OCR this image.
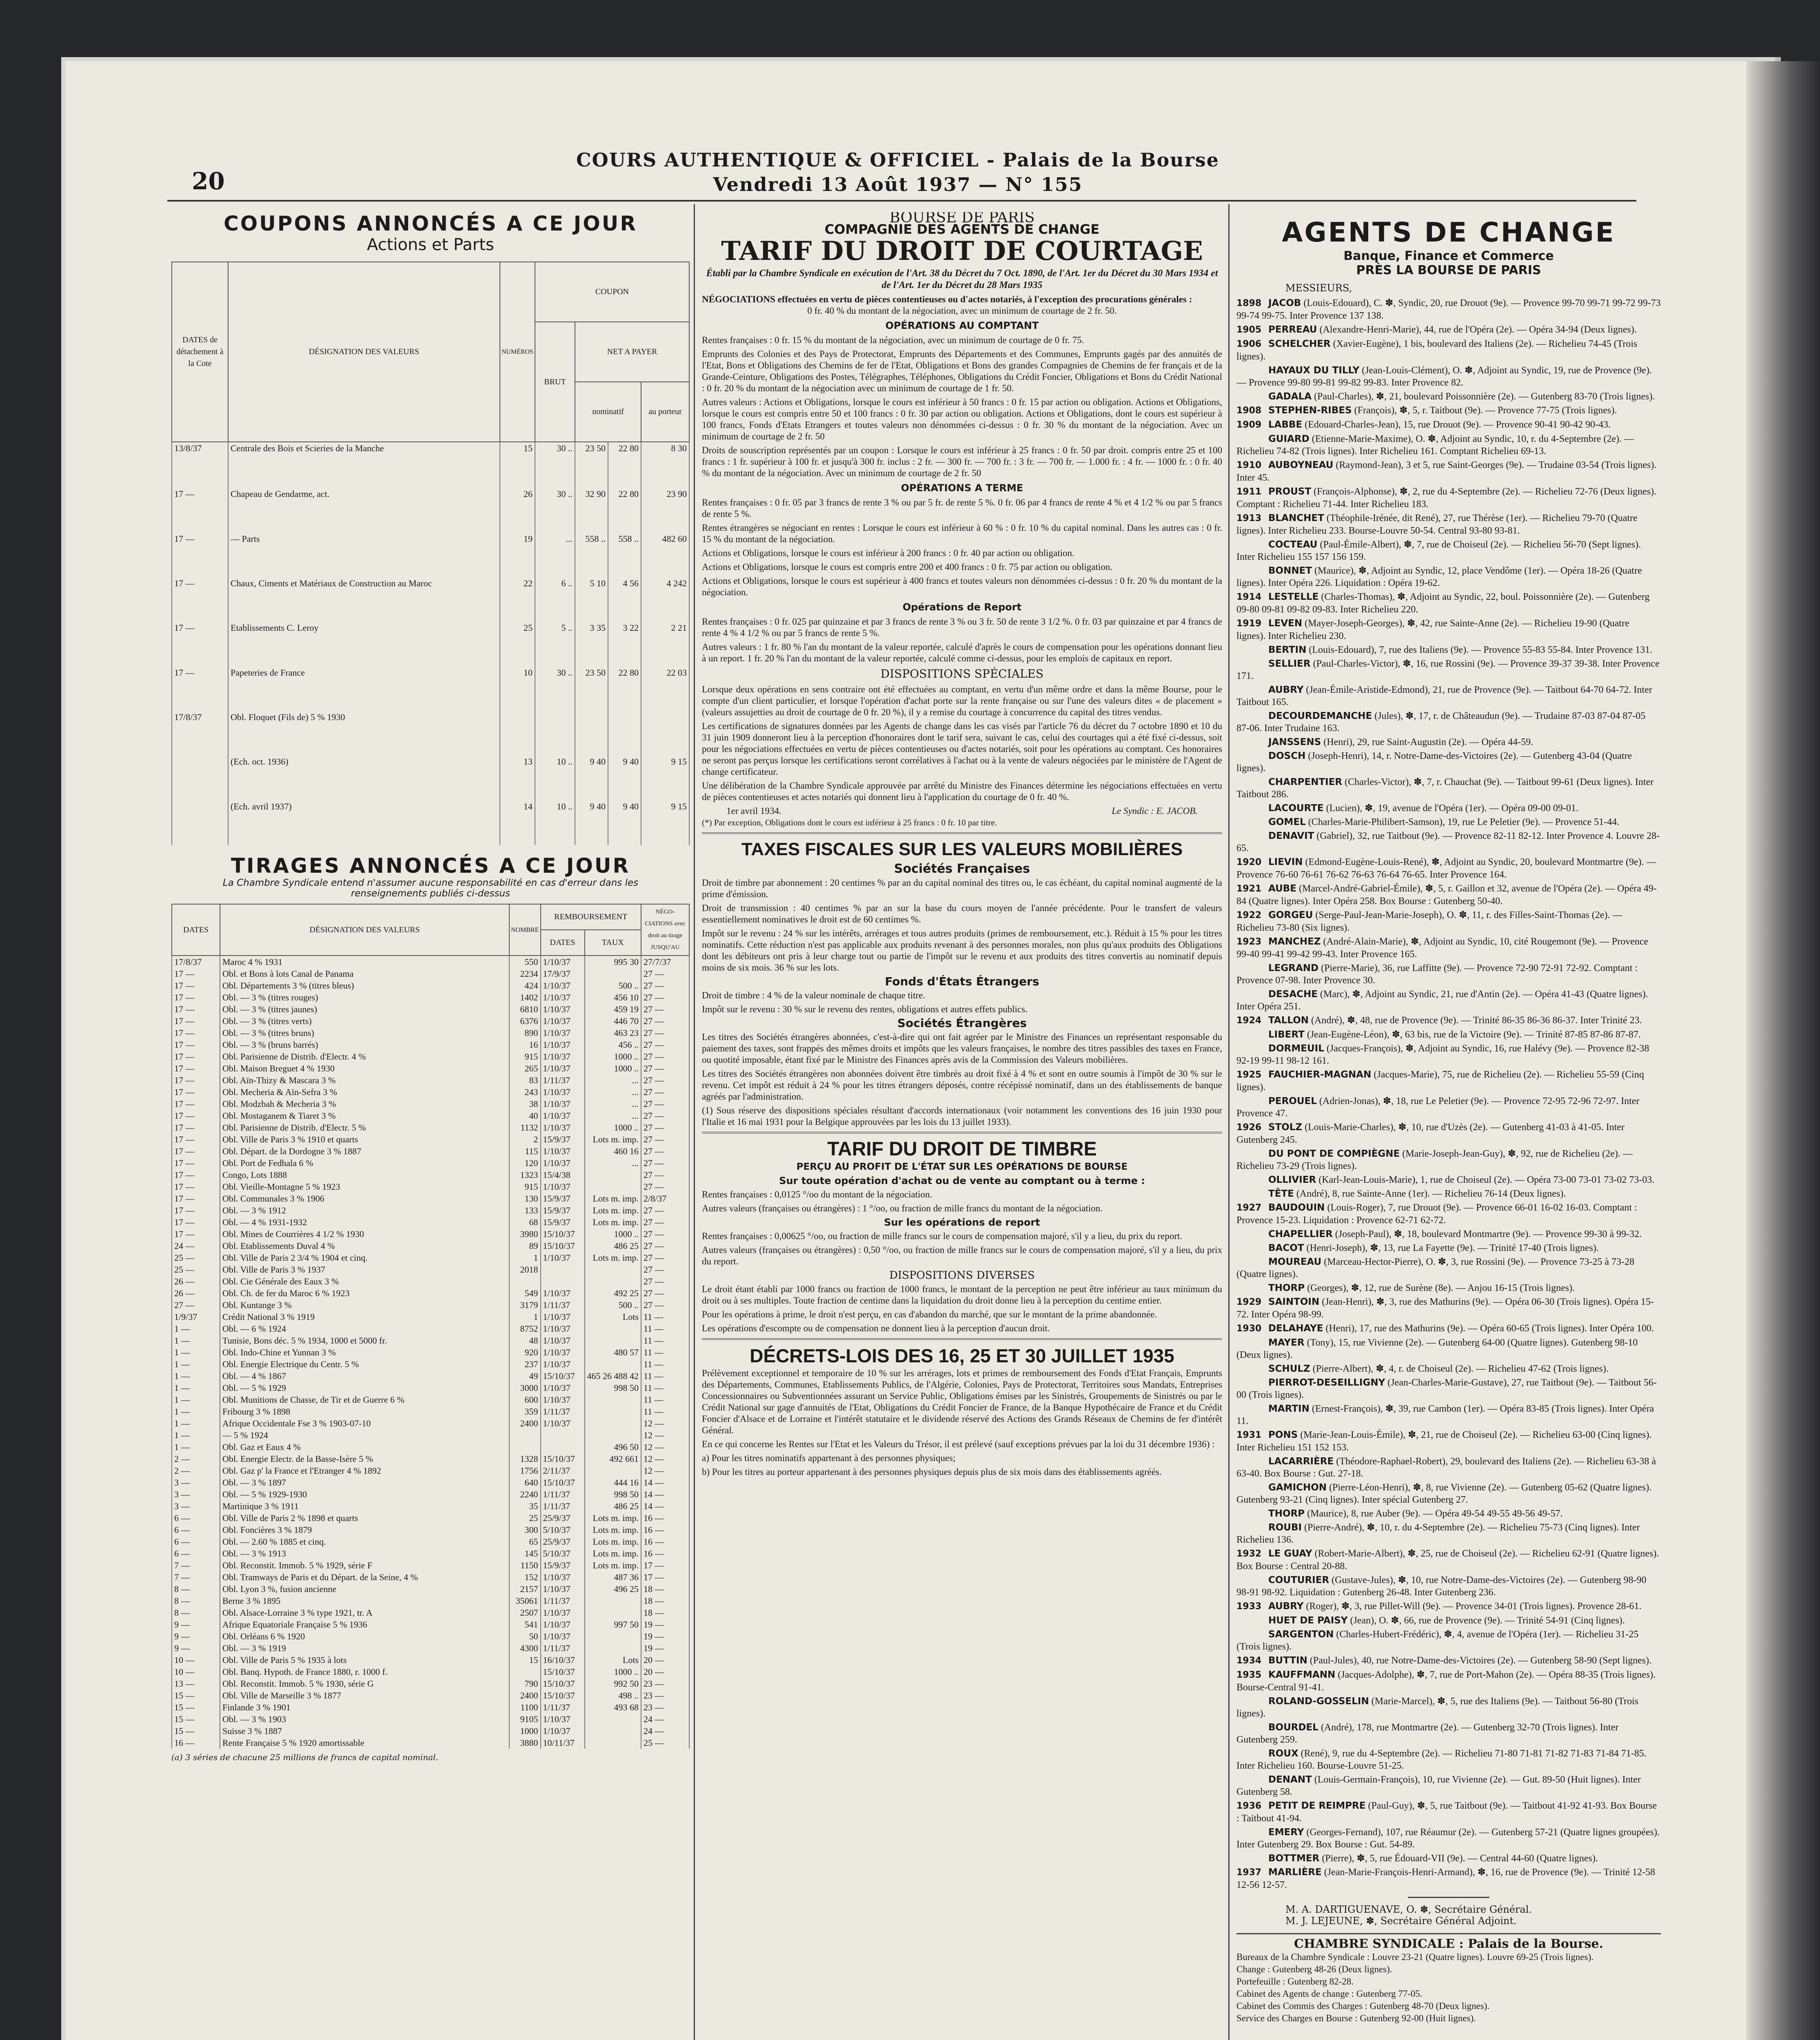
20
COURS AUTHENTIQUE & OFFICIEL - Palais de la Bourse
Vendredi 13 Août 1937 — N° 155
COUPONS ANNONCÉS A CE JOUR
Actions et Parts
DATES de détachement à la Cote	DÉSIGNATION DES VALEURS	NUMÉROS	COUPON			
			BRUT	NET A PAYER		
				nominatif		au porteur
13/8/37	Centrale des Bois et Scieries de la Manche	15	30 ..	23 50	22 80	8 30
17 —	Chapeau de Gendarme, act.	26	30 ..	32 90	22 80	23 90
17 —	— Parts	19	...	558 ..	558 ..	482 60
17 —	Chaux, Ciments et Matériaux de Construction au Maroc	22	6 ..	5 10	4 56	4 242
17 —	Etablissements C. Leroy	25	5 ..	3 35	3 22	2 21
17 —	Papeteries de France	10	30 ..	23 50	22 80	22 03
17/8/37	Obl. Floquet (Fils de) 5 % 1930					
	(Ech. oct. 1936)	13	10 ..	9 40	9 40	9 15
	(Ech. avril 1937)	14	10 ..	9 40	9 40	9 15

TIRAGES ANNONCÉS A CE JOUR
La Chambre Syndicale entend n'assumer aucune responsabilité en cas d'erreur dans les renseignements publiés ci-dessus
DATES	DÉSIGNATION DES VALEURS	NOMBRE	REMBOURSEMENT		NÉGO-CIATIONS avec droit au tirage JUSQU'AU
			DATES	TAUX	
17/8/37	Maroc 4 % 1931	550	1/10/37	995 30	27/7/37
17 —	Obl. et Bons à lots Canal de Panama	2234	17/9/37		27 —
17 —	Obl. Départements 3 % (titres bleus)	424	1/10/37	500 ..	27 —
17 —	Obl. — 3 % (titres rouges)	1402	1/10/37	456 10	27 —
17 —	Obl. — 3 % (titres jaunes)	6810	1/10/37	459 19	27 —
17 —	Obl. — 3 % (titres verts)	6376	1/10/37	446 70	27 —
17 —	Obl. — 3 % (titres bruns)	890	1/10/37	463 23	27 —
17 —	Obl. — 3 % (bruns barrés)	16	1/10/37	456 ..	27 —
17 —	Obl. Parisienne de Distrib. d'Electr. 4 %	915	1/10/37	1000 ..	27 —
17 —	Obl. Maison Breguet 4 % 1930	265	1/10/37	1000 ..	27 —
17 —	Obl. Aïn-Thizy & Mascara 3 %	83	1/11/37	...	27 —
17 —	Obl. Mecheria & Aïn-Sefra 3 %	243	1/10/37	...	27 —
17 —	Obl. Modzbah & Mecheria 3 %	38	1/10/37	...	27 —
17 —	Obl. Mostaganem & Tiaret 3 %	40	1/10/37	...	27 —
17 —	Obl. Parisienne de Distrib. d'Electr. 5 %	1132	1/10/37	1000 ..	27 —
17 —	Obl. Ville de Paris 3 % 1910 et quarts	2	15/9/37	Lots m. imp.	27 —
17 —	Obl. Départ. de la Dordogne 3 % 1887	115	1/10/37	460 16	27 —
17 —	Obl. Port de Fedhala 6 %	120	1/10/37	...	27 —
17 —	Congo, Lots 1888	1323	15/4/38		27 —
17 —	Obl. Vieille-Montagne 5 % 1923	915	1/10/37		27 —
17 —	Obl. Communales 3 % 1906	130	15/9/37	Lots m. imp.	2/8/37
17 —	Obl. — 3 % 1912	133	15/9/37	Lots m. imp.	27 —
17 —	Obl. — 4 % 1931-1932	68	15/9/37	Lots m. imp.	27 —
17 —	Obl. Mines de Courrières 4 1/2 % 1930	3980	15/10/37	1000 ..	27 —
24 —	Obl. Etablissements Duval 4 %	89	15/10/37	486 25	27 —
25 —	Obl. Ville de Paris 2 3/4 % 1904 et cinq.	1	1/10/37	Lots m. imp.	27 —
25 —	Obl. Ville de Paris 3 % 1937	2018			27 —
26 —	Obl. Cie Générale des Eaux 3 %				27 —
26 —	Obl. Ch. de fer du Maroc 6 % 1923	549	1/10/37	492 25	27 —
27 —	Obl. Kuntange 3 %	3179	1/11/37	500 ..	27 —
1/9/37	Crédit National 3 % 1919	1	1/10/37	Lots	11 —
1 —	Obl. — 6 % 1924	8752	1/10/37		11 —
1 —	Tunisie, Bons déc. 5 % 1934, 1000 et 5000 fr.	48	1/10/37		11 —
1 —	Obl. Indo-Chine et Yunnan 3 %	920	1/10/37	480 57	11 —
1 —	Obl. Energie Electrique du Centr. 5 %	237	1/10/37		11 —
1 —	Obl. — 4 % 1867	49	15/10/37	465 26 488 42	11 —
1 —	Obl. — 5 % 1929	3000	1/10/37	998 50	11 —
1 —	Obl. Munitions de Chasse, de Tir et de Guerre 6 %	600	1/10/37		11 —
1 —	Fribourg 3 % 1898	359	1/11/37		11 —
1 —	Afrique Occidentale Fse 3 % 1903-07-10	2400	1/10/37		12 —
1 —	— 5 % 1924				12 —
1 —	Obl. Gaz et Eaux 4 %			496 50	12 —
2 —	Obl. Energie Electr. de la Basse-Isère 5 %	1328	15/10/37	492 661	12 —
2 —	Obl. Gaz p' la France et l'Etranger 4 % 1892	1756	2/11/37		12 —
3 —	Obl. — 3 % 1897	640	15/10/37	444 16	14 —
3 —	Obl. — 5 % 1929-1930	2240	1/11/37	998 50	14 —
3 —	Martinique 3 % 1911	35	1/11/37	486 25	14 —
6 —	Obl. Ville de Paris 2 % 1898 et quarts	25	25/9/37	Lots m. imp.	16 —
6 —	Obl. Foncières 3 % 1879	300	5/10/37	Lots m. imp.	16 —
6 —	Obl. — 2.60 % 1885 et cinq.	65	25/9/37	Lots m. imp.	16 —
6 —	Obl. — 3 % 1913	145	5/10/37	Lots m. imp.	16 —
7 —	Obl. Reconstit. Immob. 5 % 1929, série F	1150	15/9/37	Lots m. imp.	17 —
7 —	Obl. Tramways de Paris et du Départ. de la Seine, 4 %	152	1/10/37	487 36	17 —
8 —	Obl. Lyon 3 %, fusion ancienne	2157	1/10/37	496 25	18 —
8 —	Berne 3 % 1895	35061	1/11/37		18 —
8 —	Obl. Alsace-Lorraine 3 % type 1921, tr. A	2507	1/10/37		18 —
9 —	Afrique Equatoriale Française 5 % 1936	541	1/10/37	997 50	19 —
9 —	Obl. Orléans 6 % 1920	50	1/10/37		19 —
9 —	Obl. — 3 % 1919	4300	1/11/37		19 —
10 —	Obl. Ville de Paris 5 % 1935 à lots	15	16/10/37	Lots	20 —
10 —	Obl. Banq. Hypoth. de France 1880, r. 1000 f.		15/10/37	1000 ..	20 —
13 —	Obl. Reconstit. Immob. 5 % 1930, série G	790	15/10/37	992 50	23 —
15 —	Obl. Ville de Marseille 3 % 1877	2400	15/10/37	498 ..	23 —
15 —	Finlande 3 % 1901	1100	1/11/37	493 68	23 —
15 —	Obl. — 3 % 1903	9105	1/10/37		24 —
15 —	Suisse 3 % 1887	1000	1/10/37		24 —
16 —	Rente Française 5 % 1920 amortissable	3880	10/11/37		25 —
(a) 3 séries de chacune 25 millions de francs de capital nominal.
BOURSE DE PARIS
COMPAGNIE DES AGENTS DE CHANGE
TARIF DU DROIT DE COURTAGE
Établi par la Chambre Syndicale en exécution de l'Art. 38 du Décret du 7 Oct. 1890, de l'Art. 1er du Décret du 30 Mars 1934 et de l'Art. 1er du Décret du 28 Mars 1935
NÉGOCIATIONS effectuées en vertu de pièces contentieuses ou d'actes notariés, à l'exception des procurations générales :
0 fr. 40 % du montant de la négociation, avec un minimum de courtage de 2 fr. 50.
OPÉRATIONS AU COMPTANT

Rentes françaises : 0 fr. 15 % du montant de la négociation, avec un minimum de courtage de 0 fr. 75.

Emprunts des Colonies et des Pays de Protectorat, Emprunts des Départements et des Communes, Emprunts gagés par des annuités de l'Etat, Bons et Obligations des Chemins de fer de l'Etat, Obligations et Bons des grandes Compagnies de Chemins de fer français et de la Grande-Ceinture, Obligations des Postes, Télégraphes, Téléphones, Obligations du Crédit Foncier, Obligations et Bons du Crédit National : 0 fr. 20 % du montant de la négociation avec un minimum de courtage de 1 fr. 50.

Autres valeurs : Actions et Obligations, lorsque le cours est inférieur à 50 francs : 0 fr. 15 par action ou obligation. Actions et Obligations, lorsque le cours est compris entre 50 et 100 francs : 0 fr. 30 par action ou obligation. Actions et Obligations, dont le cours est supérieur à 100 francs, Fonds d'Etats Etrangers et toutes valeurs non dénommées ci-dessus : 0 fr. 30 % du montant de la négociation. Avec un minimum de courtage de 2 fr. 50

Droits de souscription représentés par un coupon : Lorsque le cours est inférieur à 25 francs : 0 fr. 50 par droit. compris entre 25 et 100 francs : 1 fr. supérieur à 100 fr. et jusqu'à 300 fr. inclus : 2 fr. — 300 fr. — 700 fr. : 3 fr. — 700 fr. — 1.000 fr. : 4 fr. — 1000 fr. : 0 fr. 40 % du montant de la négociation. Avec un minimum de courtage de 2 fr. 50

OPÉRATIONS A TERME

Rentes françaises : 0 fr. 05 par 3 francs de rente 3 % ou par 5 fr. de rente 5 %. 0 fr. 06 par 4 francs de rente 4 % et 4 1/2 % ou par 5 francs de rente 5 %.

Rentes étrangères se négociant en rentes : Lorsque le cours est inférieur à 60 % : 0 fr. 10 % du capital nominal. Dans les autres cas : 0 fr. 15 % du montant de la négociation.

Actions et Obligations, lorsque le cours est inférieur à 200 francs : 0 fr. 40 par action ou obligation.

Actions et Obligations, lorsque le cours est compris entre 200 et 400 francs : 0 fr. 75 par action ou obligation.

Actions et Obligations, lorsque le cours est supérieur à 400 francs et toutes valeurs non dénommées ci-dessus : 0 fr. 20 % du montant de la négociation.

Opérations de Report

Rentes françaises : 0 fr. 025 par quinzaine et par 3 francs de rente 3 % ou 3 fr. 50 de rente 3 1/2 %. 0 fr. 03 par quinzaine et par 4 francs de rente 4 % 4 1/2 % ou par 5 francs de rente 5 %.

Autres valeurs : 1 fr. 80 % l'an du montant de la valeur reportée, calculé d'après le cours de compensation pour les opérations donnant lieu à un report. 1 fr. 20 % l'an du montant de la valeur reportée, calculé comme ci-dessus, pour les emplois de capitaux en report.

DISPOSITIONS SPÉCIALES

Lorsque deux opérations en sens contraire ont été effectuées au comptant, en vertu d'un même ordre et dans la même Bourse, pour le compte d'un client particulier, et lorsque l'opération d'achat porte sur la rente française ou sur l'une des valeurs dites « de placement » (valeurs assujetties au droit de courtage de 0 fr. 20 %), il y a remise du courtage à concurrence du capital des titres vendus.

Les certifications de signatures données par les Agents de change dans les cas visés par l'article 76 du décret du 7 octobre 1890 et 10 du 31 juin 1909 donneront lieu à la perception d'honoraires dont le tarif sera, suivant le cas, celui des courtages qui a été fixé ci-dessus, soit pour les négociations effectuées en vertu de pièces contentieuses ou d'actes notariés, soit pour les opérations au comptant. Ces honoraires ne seront pas perçus lorsque les certifications seront corrélatives à l'achat ou à la vente de valeurs négociées par le ministère de l'Agent de change certificateur.

Une délibération de la Chambre Syndicale approuvée par arrêté du Ministre des Finances détermine les négociations effectuées en vertu de pièces contentieuses et actes notariés qui donnent lieu à l'application du courtage de 0 fr. 40 %.

1er avril 1934.	Le Syndic : E. JACOB.
(*) Par exception, Obligations dont le cours est inférieur à 25 francs : 0 fr. 10 par titre.
TAXES FISCALES SUR LES VALEURS MOBILIÈRES
Sociétés Françaises

Droit de timbre par abonnement : 20 centimes % par an du capital nominal des titres ou, le cas échéant, du capital nominal augmenté de la prime d'émission.

Droit de transmission : 40 centimes % par an sur la base du cours moyen de l'année précédente. Pour le transfert de valeurs essentiellement nominatives le droit est de 60 centimes %.

Impôt sur le revenu : 24 % sur les intérêts, arrérages et tous autres produits (primes de remboursement, etc.). Réduit à 15 % pour les titres nominatifs. Cette réduction n'est pas applicable aux produits revenant à des personnes morales, non plus qu'aux produits des Obligations dont les débiteurs ont pris à leur charge tout ou partie de l'impôt sur le revenu et aux produits des titres convertis au nominatif depuis moins de six mois. 36 % sur les lots.

Fonds d'États Étrangers

Droit de timbre : 4 % de la valeur nominale de chaque titre.

Impôt sur le revenu : 30 % sur le revenu des rentes, obligations et autres effets publics.

Sociétés Étrangères

Les titres des Sociétés étrangères abonnées, c'est-à-dire qui ont fait agréer par le Ministre des Finances un représentant responsable du paiement des taxes, sont frappés des mêmes droits et impôts que les valeurs françaises, le nombre des titres passibles des taxes en France, ou quotité imposable, étant fixé par le Ministre des Finances après avis de la Commission des Valeurs mobilières.

Les titres des Sociétés étrangères non abonnées doivent être timbrés au droit fixé à 4 % et sont en outre soumis à l'impôt de 30 % sur le revenu. Cet impôt est réduit à 24 % pour les titres étrangers déposés, contre récépissé nominatif, dans un des établissements de banque agréés par l'administration.

(1) Sous réserve des dispositions spéciales résultant d'accords internationaux (voir notamment les conventions des 16 juin 1930 pour l'Italie et 16 mai 1931 pour la Belgique approuvées par les lois du 13 juillet 1933).

TARIF DU DROIT DE TIMBRE
PERÇU AU PROFIT DE L'ÉTAT SUR LES OPÉRATIONS DE BOURSE
Sur toute opération d'achat ou de vente au comptant ou à terme :

Rentes françaises : 0,0125 °/oo du montant de la négociation.

Autres valeurs (françaises ou étrangères) : 1 °/oo, ou fraction de mille francs du montant de la négociation.

Sur les opérations de report

Rentes françaises : 0,00625 °/oo, ou fraction de mille francs sur le cours de compensation majoré, s'il y a lieu, du prix du report.

Autres valeurs (françaises ou étrangères) : 0,50 °/oo, ou fraction de mille francs sur le cours de compensation majoré, s'il y a lieu, du prix du report.

DISPOSITIONS DIVERSES

Le droit étant établi par 1000 francs ou fraction de 1000 francs, le montant de la perception ne peut être inférieur au taux minimum du droit ou à ses multiples. Toute fraction de centime dans la liquidation du droit donne lieu à la perception du centime entier.

Pour les opérations à prime, le droit n'est perçu, en cas d'abandon du marché, que sur le montant de la prime abandonnée.

Les opérations d'escompte ou de compensation ne donnent lieu à la perception d'aucun droit.

DÉCRETS-LOIS DES 16, 25 ET 30 JUILLET 1935

Prélèvement exceptionnel et temporaire de 10 % sur les arrérages, lots et primes de remboursement des Fonds d'Etat Français, Emprunts des Départements, Communes, Etablissements Publics, de l'Algérie, Colonies, Pays de Protectorat, Territoires sous Mandats, Entreprises Concessionnaires ou Subventionnées assurant un Service Public, Obligations émises par les Sinistrés, Groupements de Sinistrés ou par le Crédit National sur gage d'annuités de l'Etat, Obligations du Crédit Foncier de France, de la Banque Hypothécaire de France et du Crédit Foncier d'Alsace et de Lorraine et l'intérêt statutaire et le dividende réservé des Actions des Grands Réseaux de Chemins de fer d'intérêt Général.

En ce qui concerne les Rentes sur l'Etat et les Valeurs du Trésor, il est prélevé (sauf exceptions prévues par la loi du 31 décembre 1936) :

a) Pour les titres nominatifs appartenant à des personnes physiques;

b) Pour les titres au porteur appartenant à des personnes physiques depuis plus de six mois dans des établissements agréés.

AGENTS DE CHANGE
Banque, Finance et Commerce
PRÈS LA BOURSE DE PARIS
MESSIEURS,
1898 JACOB (Louis-Edouard), C. ✽, Syndic, 20, rue Drouot (9e). — Provence 99-70 99-71 99-72 99-73 99-74 99-75. Inter Provence 137 138.
1905 PERREAU (Alexandre-Henri-Marie), 44, rue de l'Opéra (2e). — Opéra 34-94 (Deux lignes).
1906 SCHELCHER (Xavier-Eugène), 1 bis, boulevard des Italiens (2e). — Richelieu 74-45 (Trois lignes).
HAYAUX DU TILLY (Jean-Louis-Clément), O. ✽, Adjoint au Syndic, 19, rue de Provence (9e). — Provence 99-80 99-81 99-82 99-83. Inter Provence 82.
GADALA (Paul-Charles), ✽, 21, boulevard Poissonnière (2e). — Gutenberg 83-70 (Trois lignes).
1908 STEPHEN-RIBES (François), ✽, 5, r. Taitbout (9e). — Provence 77-75 (Trois lignes).
1909 LABBE (Edouard-Charles-Jean), 15, rue Drouot (9e). — Provence 90-41 90-42 90-43.
GUIARD (Etienne-Marie-Maxime), O. ✽, Adjoint au Syndic, 10, r. du 4-Septembre (2e). — Richelieu 74-82 (Trois lignes). Inter Richelieu 161. Comptant Richelieu 69-13.
1910 AUBOYNEAU (Raymond-Jean), 3 et 5, rue Saint-Georges (9e). — Trudaine 03-54 (Trois lignes). Inter 45.
1911 PROUST (François-Alphonse), ✽, 2, rue du 4-Septembre (2e). — Richelieu 72-76 (Deux lignes). Comptant : Richelieu 71-44. Inter Richelieu 183.
1913 BLANCHET (Théophile-Irénée, dit René), 27, rue Thérèse (1er). — Richelieu 79-70 (Quatre lignes). Inter Richelieu 233. Bourse-Louvre 50-54. Central 93-80 93-81.
COCTEAU (Paul-Émile-Albert), ✽, 7, rue de Choiseul (2e). — Richelieu 56-70 (Sept lignes). Inter Richelieu 155 157 156 159.
BONNET (Maurice), ✽, Adjoint au Syndic, 12, place Vendôme (1er). — Opéra 18-26 (Quatre lignes). Inter Opéra 226. Liquidation : Opéra 19-62.
1914 LESTELLE (Charles-Thomas), ✽, Adjoint au Syndic, 22, boul. Poissonnière (2e). — Gutenberg 09-80 09-81 09-82 09-83. Inter Richelieu 220.
1919 LEVEN (Mayer-Joseph-Georges), ✽, 42, rue Sainte-Anne (2e). — Richelieu 19-90 (Quatre lignes). Inter Richelieu 230.
BERTIN (Louis-Edouard), 7, rue des Italiens (9e). — Provence 55-83 55-84. Inter Provence 131.
SELLIER (Paul-Charles-Victor), ✽, 16, rue Rossini (9e). — Provence 39-37 39-38. Inter Provence 171.
AUBRY (Jean-Émile-Aristide-Edmond), 21, rue de Provence (9e). — Taitbout 64-70 64-72. Inter Taitbout 165.
DECOURDEMANCHE (Jules), ✽, 17, r. de Châteaudun (9e). — Trudaine 87-03 87-04 87-05 87-06. Inter Trudaine 163.
JANSSENS (Henri), 29, rue Saint-Augustin (2e). — Opéra 44-59.
DOSCH (Joseph-Henri), 14, r. Notre-Dame-des-Victoires (2e). — Gutenberg 43-04 (Quatre lignes).
CHARPENTIER (Charles-Victor), ✽, 7, r. Chauchat (9e). — Taitbout 99-61 (Deux lignes). Inter Taitbout 286.
LACOURTE (Lucien), ✽, 19, avenue de l'Opéra (1er). — Opéra 09-00 09-01.
GOMEL (Charles-Marie-Philibert-Samson), 19, rue Le Peletier (9e). — Provence 51-44.
DENAVIT (Gabriel), 32, rue Taitbout (9e). — Provence 82-11 82-12. Inter Provence 4. Louvre 28-65.
1920 LIEVIN (Edmond-Eugène-Louis-René), ✽, Adjoint au Syndic, 20, boulevard Montmartre (9e). — Provence 76-60 76-61 76-62 76-63 76-64 76-65. Inter Provence 164.
1921 AUBE (Marcel-André-Gabriel-Émile), ✽, 5, r. Gaillon et 32, avenue de l'Opéra (2e). — Opéra 49-84 (Quatre lignes). Inter Opéra 258. Box Bourse : Gutenberg 50-40.
1922 GORGEU (Serge-Paul-Jean-Marie-Joseph), O. ✽, 11, r. des Filles-Saint-Thomas (2e). — Richelieu 73-80 (Six lignes).
1923 MANCHEZ (André-Alain-Marie), ✽, Adjoint au Syndic, 10, cité Rougemont (9e). — Provence 99-40 99-41 99-42 99-43. Inter Provence 165.
LEGRAND (Pierre-Marie), 36, rue Laffitte (9e). — Provence 72-90 72-91 72-92. Comptant : Provence 07-98. Inter Provence 30.
DESACHE (Marc), ✽, Adjoint au Syndic, 21, rue d'Antin (2e). — Opéra 41-43 (Quatre lignes). Inter Opéra 251.
1924 TALLON (André), ✽, 48, rue de Provence (9e). — Trinité 86-35 86-36 86-37. Inter Trinité 23.
LIBERT (Jean-Eugène-Léon), ✽, 63 bis, rue de la Victoire (9e). — Trinité 87-85 87-86 87-87.
DORMEUIL (Jacques-François), ✽, Adjoint au Syndic, 16, rue Halévy (9e). — Provence 82-38 92-19 99-11 98-12 161.
1925 FAUCHIER-MAGNAN (Jacques-Marie), 75, rue de Richelieu (2e). — Richelieu 55-59 (Cinq lignes).
PEROUEL (Adrien-Jonas), ✽, 18, rue Le Peletier (9e). — Provence 72-95 72-96 72-97. Inter Provence 47.
1926 STOLZ (Louis-Marie-Charles), ✽, 10, rue d'Uzès (2e). — Gutenberg 41-03 à 41-05. Inter Gutenberg 245.
DU PONT DE COMPIÈGNE (Marie-Joseph-Jean-Guy), ✽, 92, rue de Richelieu (2e). — Richelieu 73-29 (Trois lignes).
OLLIVIER (Karl-Jean-Louis-Marie), 1, rue de Choiseul (2e). — Opéra 73-00 73-01 73-02 73-03.
TÊTE (André), 8, rue Sainte-Anne (1er). — Richelieu 76-14 (Deux lignes).
1927 BAUDOUIN (Louis-Roger), 7, rue Drouot (9e). — Provence 66-01 16-02 16-03. Comptant : Provence 15-23. Liquidation : Provence 62-71 62-72.
CHAPELLIER (Joseph-Paul), ✽, 18, boulevard Montmartre (9e). — Provence 99-30 à 99-32.
BACOT (Henri-Joseph), ✽, 13, rue La Fayette (9e). — Trinité 17-40 (Trois lignes).
MOUREAU (Marceau-Hector-Pierre), O. ✽, 3, rue Rossini (9e). — Provence 73-25 à 73-28 (Quatre lignes).
THORP (Georges), ✽, 12, rue de Surène (8e). — Anjou 16-15 (Trois lignes).
1929 SAINTOIN (Jean-Henri), ✽, 3, rue des Mathurins (9e). — Opéra 06-30 (Trois lignes). Opéra 15-72. Inter Opéra 98-99.
1930 DELAHAYE (Henri), 17, rue des Mathurins (9e). — Opéra 60-65 (Trois lignes). Inter Opéra 100.
MAYER (Tony), 15, rue Vivienne (2e). — Gutenberg 64-00 (Quatre lignes). Gutenberg 98-10 (Deux lignes).
SCHULZ (Pierre-Albert), ✽, 4, r. de Choiseul (2e). — Richelieu 47-62 (Trois lignes).
PIERROT-DESEILLIGNY (Jean-Charles-Marie-Gustave), 27, rue Taitbout (9e). — Taitbout 56-00 (Trois lignes).
MARTIN (Ernest-François), ✽, 39, rue Cambon (1er). — Opéra 83-85 (Trois lignes). Inter Opéra 11.
1931 PONS (Marie-Jean-Louis-Émile), ✽, 21, rue de Choiseul (2e). — Richelieu 63-00 (Cinq lignes). Inter Richelieu 151 152 153.
LACARRIÈRE (Théodore-Raphael-Robert), 29, boulevard des Italiens (2e). — Richelieu 63-38 à 63-40. Box Bourse : Gut. 27-18.
GAMICHON (Pierre-Léon-Henri), ✽, 8, rue Vivienne (2e). — Gutenberg 05-62 (Quatre lignes). Gutenberg 93-21 (Cinq lignes). Inter spécial Gutenberg 27.
THORP (Maurice), 8, rue Auber (9e). — Opéra 49-54 49-55 49-56 49-57.
ROUBI (Pierre-André), ✽, 10, r. du 4-Septembre (2e). — Richelieu 75-73 (Cinq lignes). Inter Richelieu 136.
1932 LE GUAY (Robert-Marie-Albert), ✽, 25, rue de Choiseul (2e). — Richelieu 62-91 (Quatre lignes). Box Bourse : Central 20-88.
COUTURIER (Gustave-Jules), ✽, 10, rue Notre-Dame-des-Victoires (2e). — Gutenberg 98-90 98-91 98-92. Liquidation : Gutenberg 26-48. Inter Gutenberg 236.
1933 AUBRY (Roger), ✽, 3, rue Pillet-Will (9e). — Provence 34-01 (Trois lignes). Provence 28-61.
HUET DE PAISY (Jean), O. ✽, 66, rue de Provence (9e). — Trinité 54-91 (Cinq lignes).
SARGENTON (Charles-Hubert-Frédéric), ✽, 4, avenue de l'Opéra (1er). — Richelieu 31-25 (Trois lignes).
1934 BUTTIN (Paul-Jules), 40, rue Notre-Dame-des-Victoires (2e). — Gutenberg 58-90 (Sept lignes).
1935 KAUFFMANN (Jacques-Adolphe), ✽, 7, rue de Port-Mahon (2e). — Opéra 88-35 (Trois lignes). Bourse-Central 91-41.
ROLAND-GOSSELIN (Marie-Marcel), ✽, 5, rue des Italiens (9e). — Taitbout 56-80 (Trois lignes).
BOURDEL (André), 178, rue Montmartre (2e). — Gutenberg 32-70 (Trois lignes). Inter Gutenberg 259.
ROUX (René), 9, rue du 4-Septembre (2e). — Richelieu 71-80 71-81 71-82 71-83 71-84 71-85. Inter Richelieu 160. Bourse-Louvre 51-25.
DENANT (Louis-Germain-François), 10, rue Vivienne (2e). — Gut. 89-50 (Huit lignes). Inter Gutenberg 58.
1936 PETIT DE REIMPRE (Paul-Guy), ✽, 5, rue Taitbout (9e). — Taitbout 41-92 41-93. Box Bourse : Taitbout 41-94.
EMERY (Georges-Fernand), 107, rue Réaumur (2e). — Gutenberg 57-21 (Quatre lignes groupées). Inter Gutenberg 29. Box Bourse : Gut. 54-89.
BOTTMER (Pierre), ✽, 5, rue Édouard-VII (9e). — Central 44-60 (Quatre lignes).
1937 MARLIÈRE (Jean-Marie-François-Henri-Armand), ✽, 16, rue de Provence (9e). — Trinité 12-58 12-56 12-57.
M. A. DARTIGUENAVE, O. ✽, Secrétaire Général.
M. J. LEJEUNE, ✽, Secrétaire Général Adjoint.
CHAMBRE SYNDICALE : Palais de la Bourse.
Bureaux de la Chambre Syndicale : Louvre 23-21 (Quatre lignes). Louvre 69-25 (Trois lignes).
Change : Gutenberg 48-26 (Deux lignes).
Portefeuille : Gutenberg 82-28.
Cabinet des Agents de change : Gutenberg 77-05.
Cabinet des Commis des Charges : Gutenberg 48-70 (Deux lignes).
Service des Charges en Bourse : Gutenberg 92-00 (Huit lignes).
